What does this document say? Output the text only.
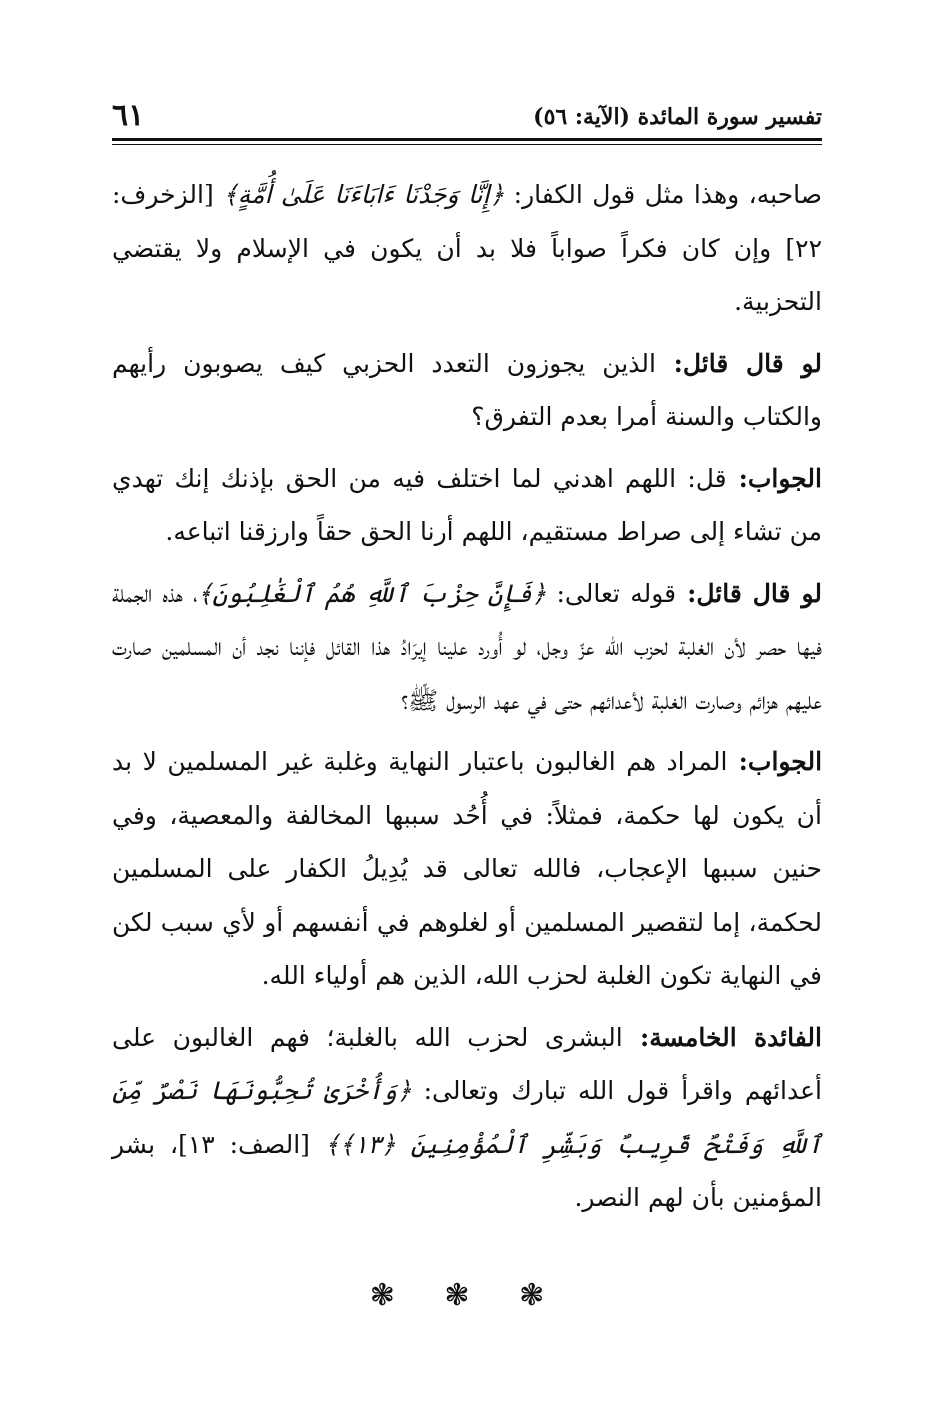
تفسير سورة المائدة (الآية: ٥٦)
٦١

صاحبه، وهذا مثل قول الكفار: ﴿إِنَّا وَجَدْنَا ءَابَاءَنَا عَلَىٰ أُمَّةٍ﴾ [الزخرف: ٢٢] وإن كان فكراً صواباً فلا بد أن يكون في الإسلام ولا يقتضي التحزبية.

لو قال قائل: الذين يجوزون التعدد الحزبي كيف يصوبون رأيهم والكتاب والسنة أمرا بعدم التفرق؟

الجواب: قل: اللهم اهدني لما اختلف فيه من الحق بإذنك إنك تهدي من تشاء إلى صراط مستقيم، اللهم أرنا الحق حقاً وارزقنا اتباعه.

لو قال قائل: قوله تعالى: ﴿فَإِنَّ حِزْبَ ٱللَّهِ هُمُ ٱلْغَٰلِبُونَ﴾، هذه الجملة فيها حصر لأن الغلبة لحزب الله عزّ وجل، لو أُورد علينا إيرَادُ هذا القائل فإننا نجد أن المسلمين صارت عليهم هزائم وصارت الغلبة لأعدائهم حتى في عهد الرسول ﷺ؟

الجواب: المراد هم الغالبون باعتبار النهاية وغلبة غير المسلمين لا بد أن يكون لها حكمة، فمثلاً: في أُحُد سببها المخالفة والمعصية، وفي حنين سببها الإعجاب، فالله تعالى قد يُدِيلُ الكفار على المسلمين لحكمة، إما لتقصير المسلمين أو لغلوهم في أنفسهم أو لأي سبب لكن في النهاية تكون الغلبة لحزب الله، الذين هم أولياء الله.

الفائدة الخامسة: البشرى لحزب الله بالغلبة؛ فهم الغالبون على أعدائهم واقرأ قول الله تبارك وتعالى: ﴿وَأُخْرَىٰ تُحِبُّونَهَا نَصْرٌ مِّنَ ٱللَّهِ وَفَتْحٌ قَرِيبٌ وَبَشِّرِ ٱلْمُؤْمِنِينَ ﴿١٣﴾﴾ [الصف: ١٣]، بشر المؤمنين بأن لهم النصر.

❃ ❃ ❃
